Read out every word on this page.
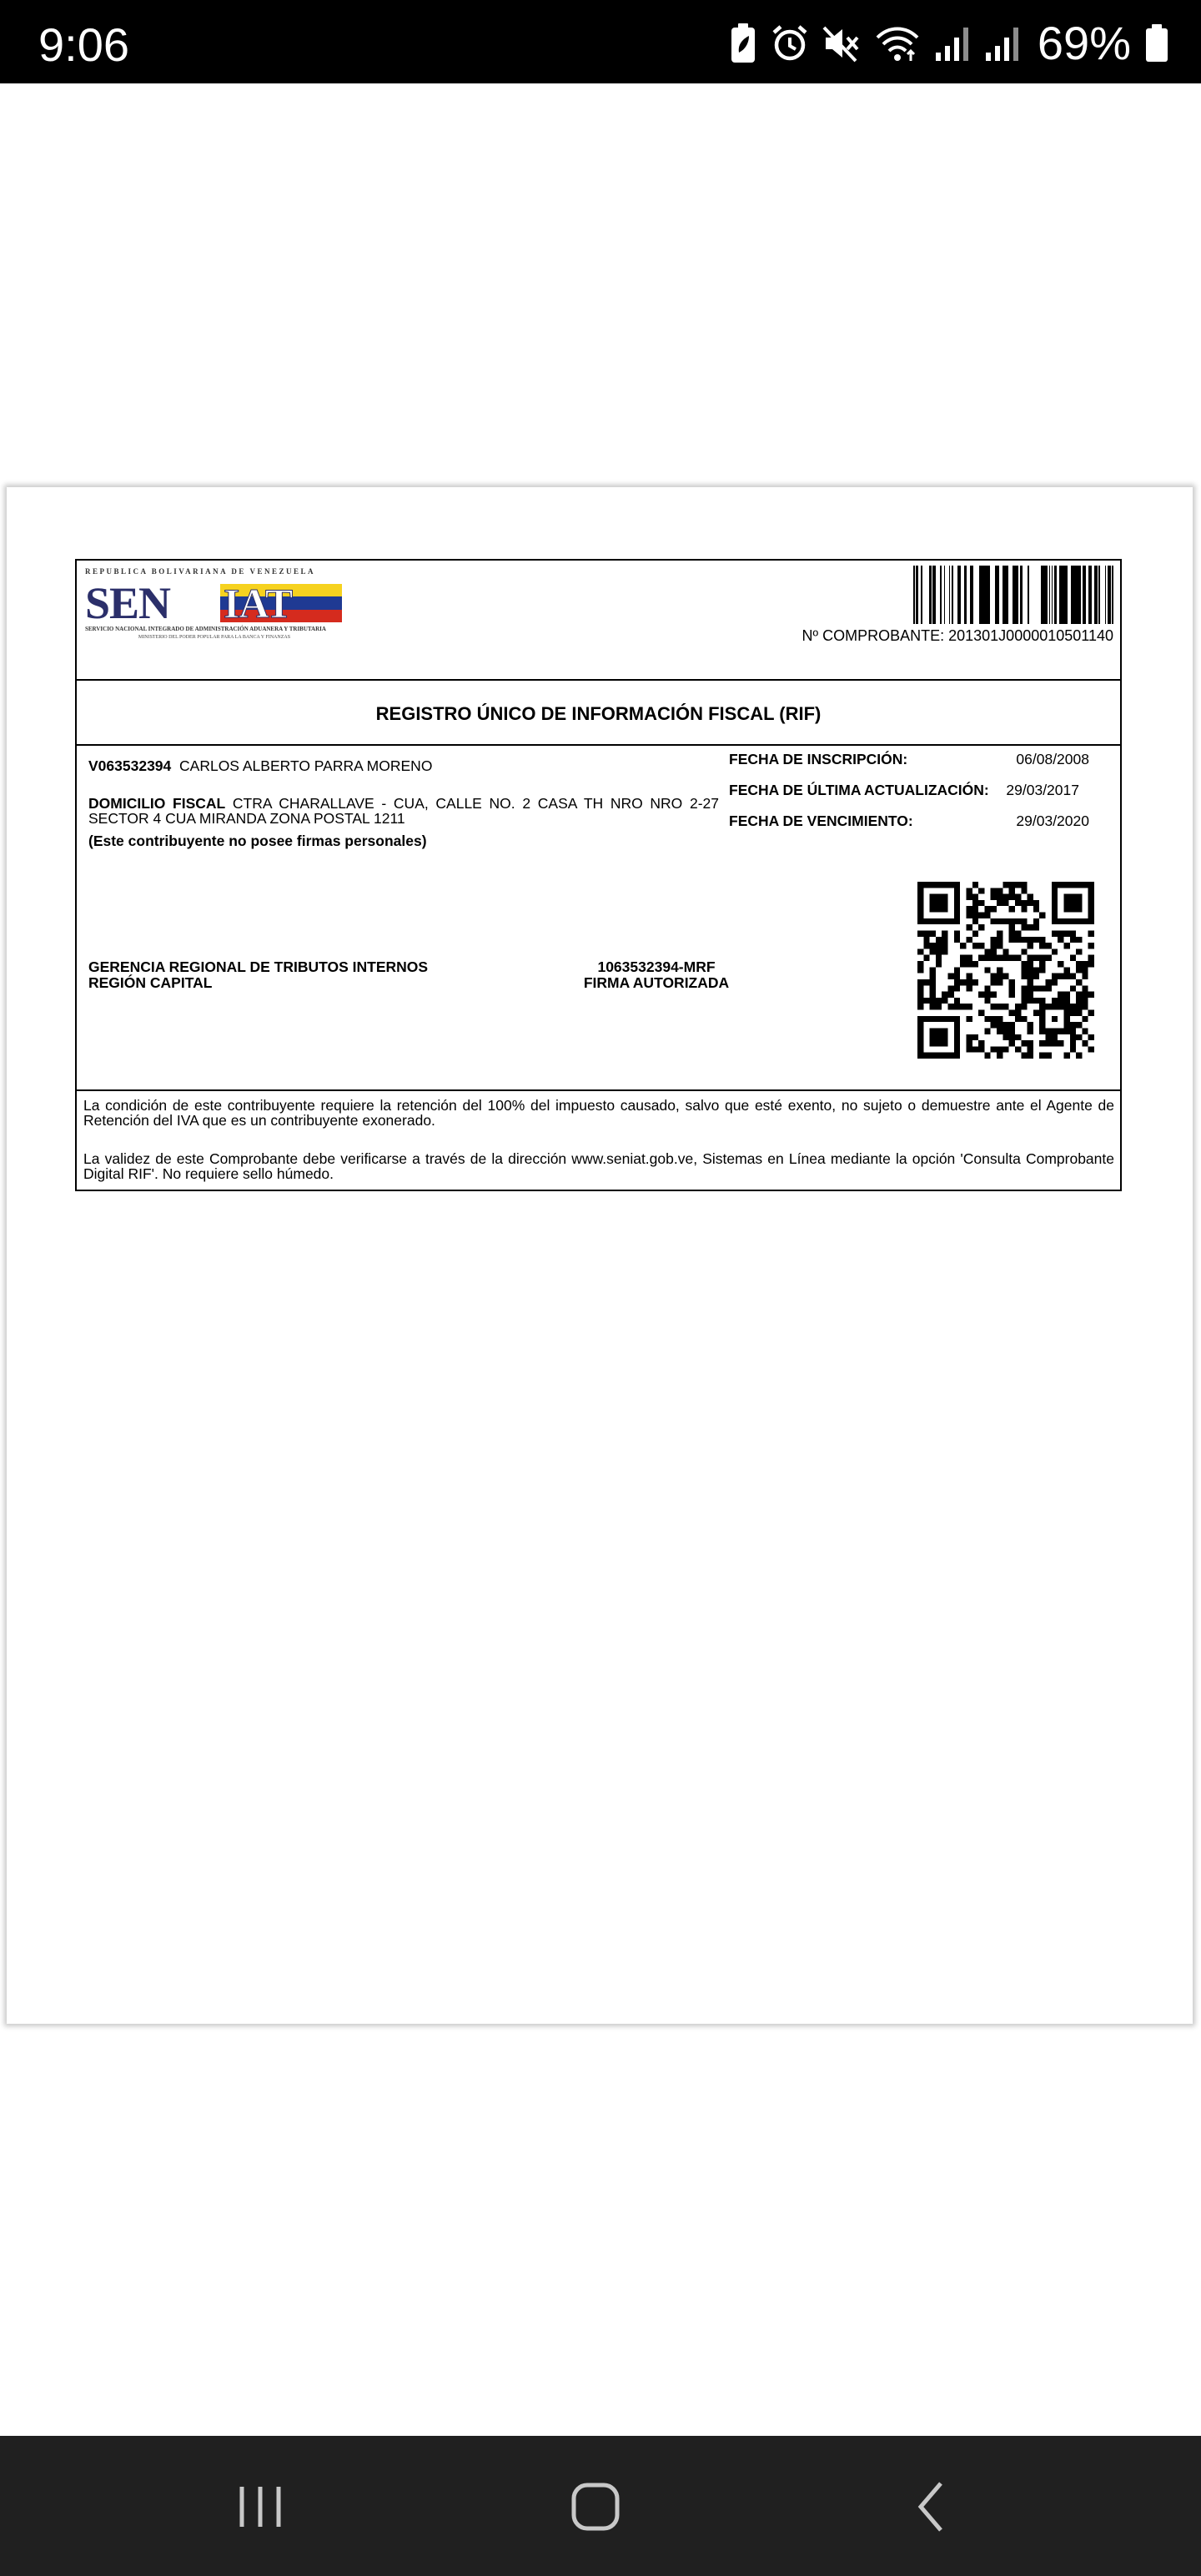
9:06	69%
REPUBLICA BOLIVARIANA DE VENEZUELA
SEN IAT
SERVICIO NACIONAL INTEGRADO DE ADMINISTRACIÓN ADUANERA Y TRIBUTARIA
MINISTERIO DEL PODER POPULAR PARA LA BANCA Y FINANZAS	Nº COMPROBANTE: 201301J0000010501140
REGISTRO ÚNICO DE INFORMACIÓN FISCAL (RIF)
V063532394 CARLOS ALBERTO PARRA MORENO
DOMICILIO FISCAL CTRA CHARALLAVE - CUA, CALLE NO. 2 CASA TH NRO NRO 2-27 SECTOR 4 CUA MIRANDA ZONA POSTAL 1211
(Este contribuyente no posee firmas personales)
FECHA DE INSCRIPCIÓN:	06/08/2008
FECHA DE ÚLTIMA ACTUALIZACIÓN: 29/03/2017
FECHA DE VENCIMIENTO:	29/03/2020
GERENCIA REGIONAL DE TRIBUTOS INTERNOS
REGIÓN CAPITAL
1063532394-MRF
FIRMA AUTORIZADA
La condición de este contribuyente requiere la retención del 100% del impuesto causado, salvo que esté exento, no sujeto o demuestre ante el Agente de Retención del IVA que es un contribuyente exonerado.
La validez de este Comprobante debe verificarse a través de la dirección www.seniat.gob.ve, Sistemas en Línea mediante la opción 'Consulta Comprobante Digital RIF'. No requiere sello húmedo.
